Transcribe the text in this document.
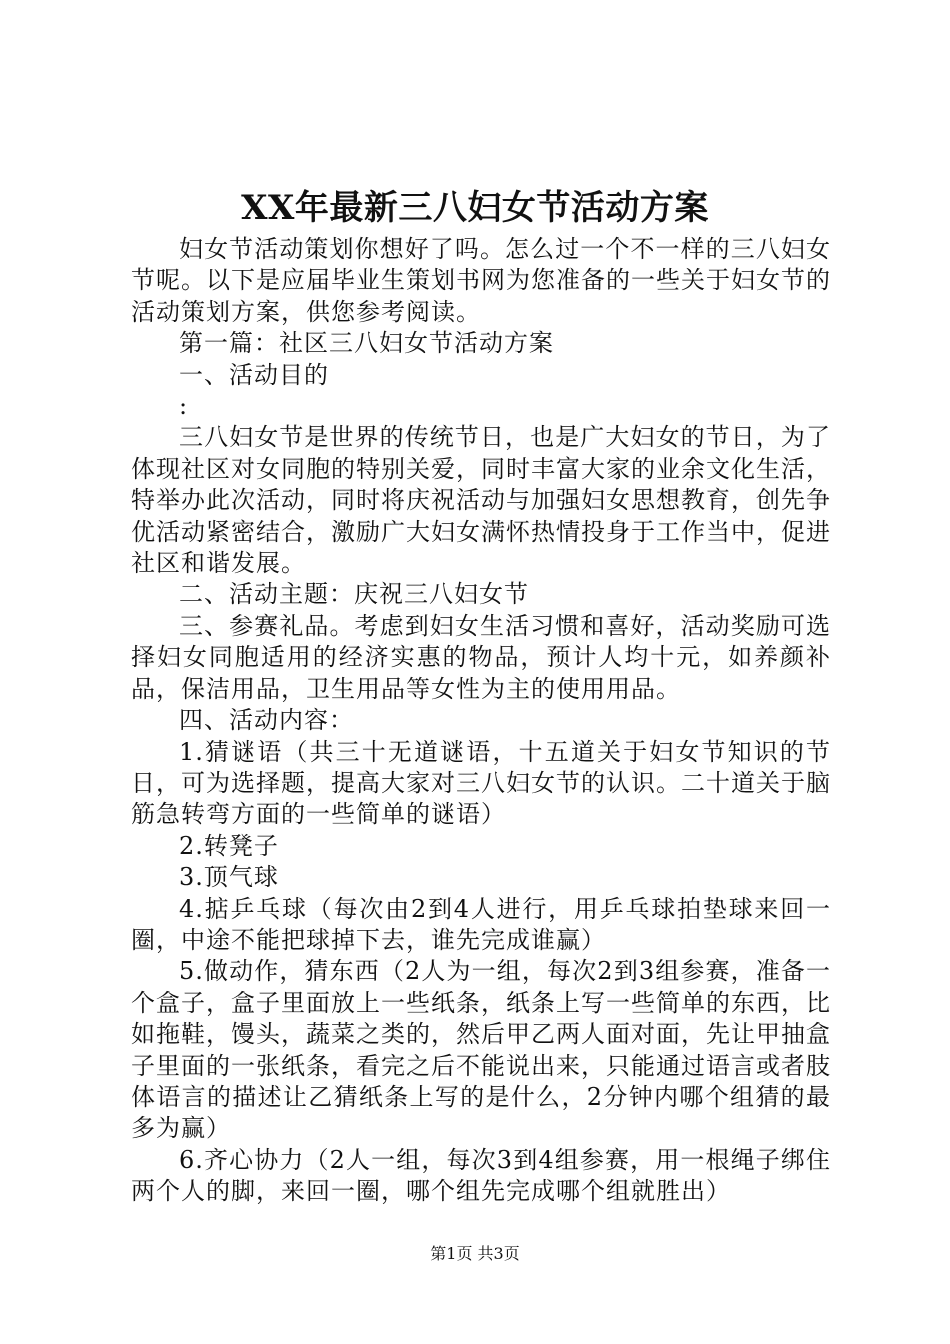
XX年最新三八妇女节活动方案

妇女节活动策划你想好了吗。怎么过一个不一样的三八妇女节呢。以下是应届毕业生策划书网为您准备的一些关于妇女节的活动策划方案，供您参考阅读。

第一篇：社区三八妇女节活动方案

一、活动目的

:

三八妇女节是世界的传统节日，也是广大妇女的节日，为了体现社区对女同胞的特别关爱，同时丰富大家的业余文化生活，特举办此次活动，同时将庆祝活动与加强妇女思想教育，创先争优活动紧密结合，激励广大妇女满怀热情投身于工作当中，促进社区和谐发展。

二、活动主题：庆祝三八妇女节

三、参赛礼品。考虑到妇女生活习惯和喜好，活动奖励可选择妇女同胞适用的经济实惠的物品，预计人均十元，如养颜补品，保洁用品，卫生用品等女性为主的使用用品。

四、活动内容：

1.猜谜语（共三十无道谜语，十五道关于妇女节知识的节日，可为选择题，提高大家对三八妇女节的认识。二十道关于脑筋急转弯方面的一些简单的谜语）

2.转凳子

3.顶气球

4.掂乒乓球（每次由2到4人进行，用乒乓球拍垫球来回一圈，中途不能把球掉下去，谁先完成谁赢）

5.做动作，猜东西（2人为一组，每次2到3组参赛，准备一个盒子，盒子里面放上一些纸条，纸条上写一些简单的东西，比如拖鞋，馒头，蔬菜之类的，然后甲乙两人面对面，先让甲抽盒子里面的一张纸条，看完之后不能说出来，只能通过语言或者肢体语言的描述让乙猜纸条上写的是什么，2分钟内哪个组猜的最多为赢）

6.齐心协力（2人一组，每次3到4组参赛，用一根绳子绑住两个人的脚，来回一圈，哪个组先完成哪个组就胜出）

第1页 共3页
